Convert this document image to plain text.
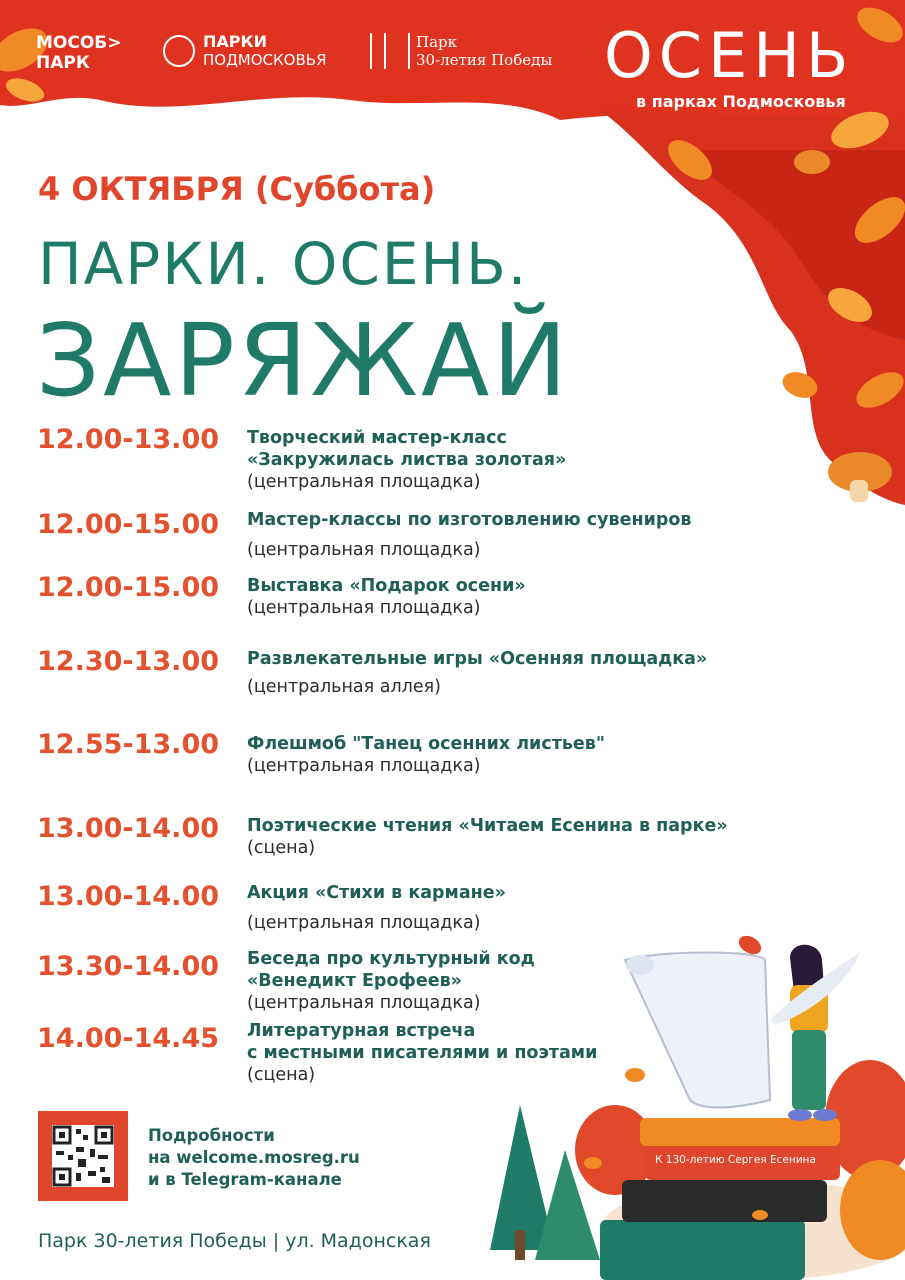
МОСОБ>
ПАРК
ПАРКИ
ПОДМОСКОВЬЯ
Парк
30-летия Победы ОСЕНЬ
в парках Подмосковья
4 ОКТЯБРЯ (Суббота)
ПАРКИ. ОСЕНЬ.
ЗАРЯЖАЙ
12.00-13.00 Творческий мастер-класс
«Закружилась листва золотая»
(центральная площадка)
12.00-15.00 Мастер-классы по изготовлению сувениров
(центральная площадка)
12.00-15.00 Выставка «Подарок осени»
(центральная площадка)
12.30-13.00 Развлекательные игры «Осенняя площадка»
(центральная аллея)
12.55-13.00 Флешмоб "Танец осенних листьев"
(центральная площадка)
13.00-14.00 Поэтические чтения «Читаем Есенина в парке»
(сцена)
13.00-14.00 Акция «Стихи в кармане»
(центральная площадка)
13.30-14.00 Беседа про культурный код
«Венедикт Ерофеев»
(центральная площадка)
14.00-14.45 Литературная встреча
с местными писателями и поэтами
(сцена)
Подробности
на welcome.mosreg.ru
и в Telegram-канале
К 130-летию Сергея Есенина
Парк 30-летия Победы | ул. Мадонская
